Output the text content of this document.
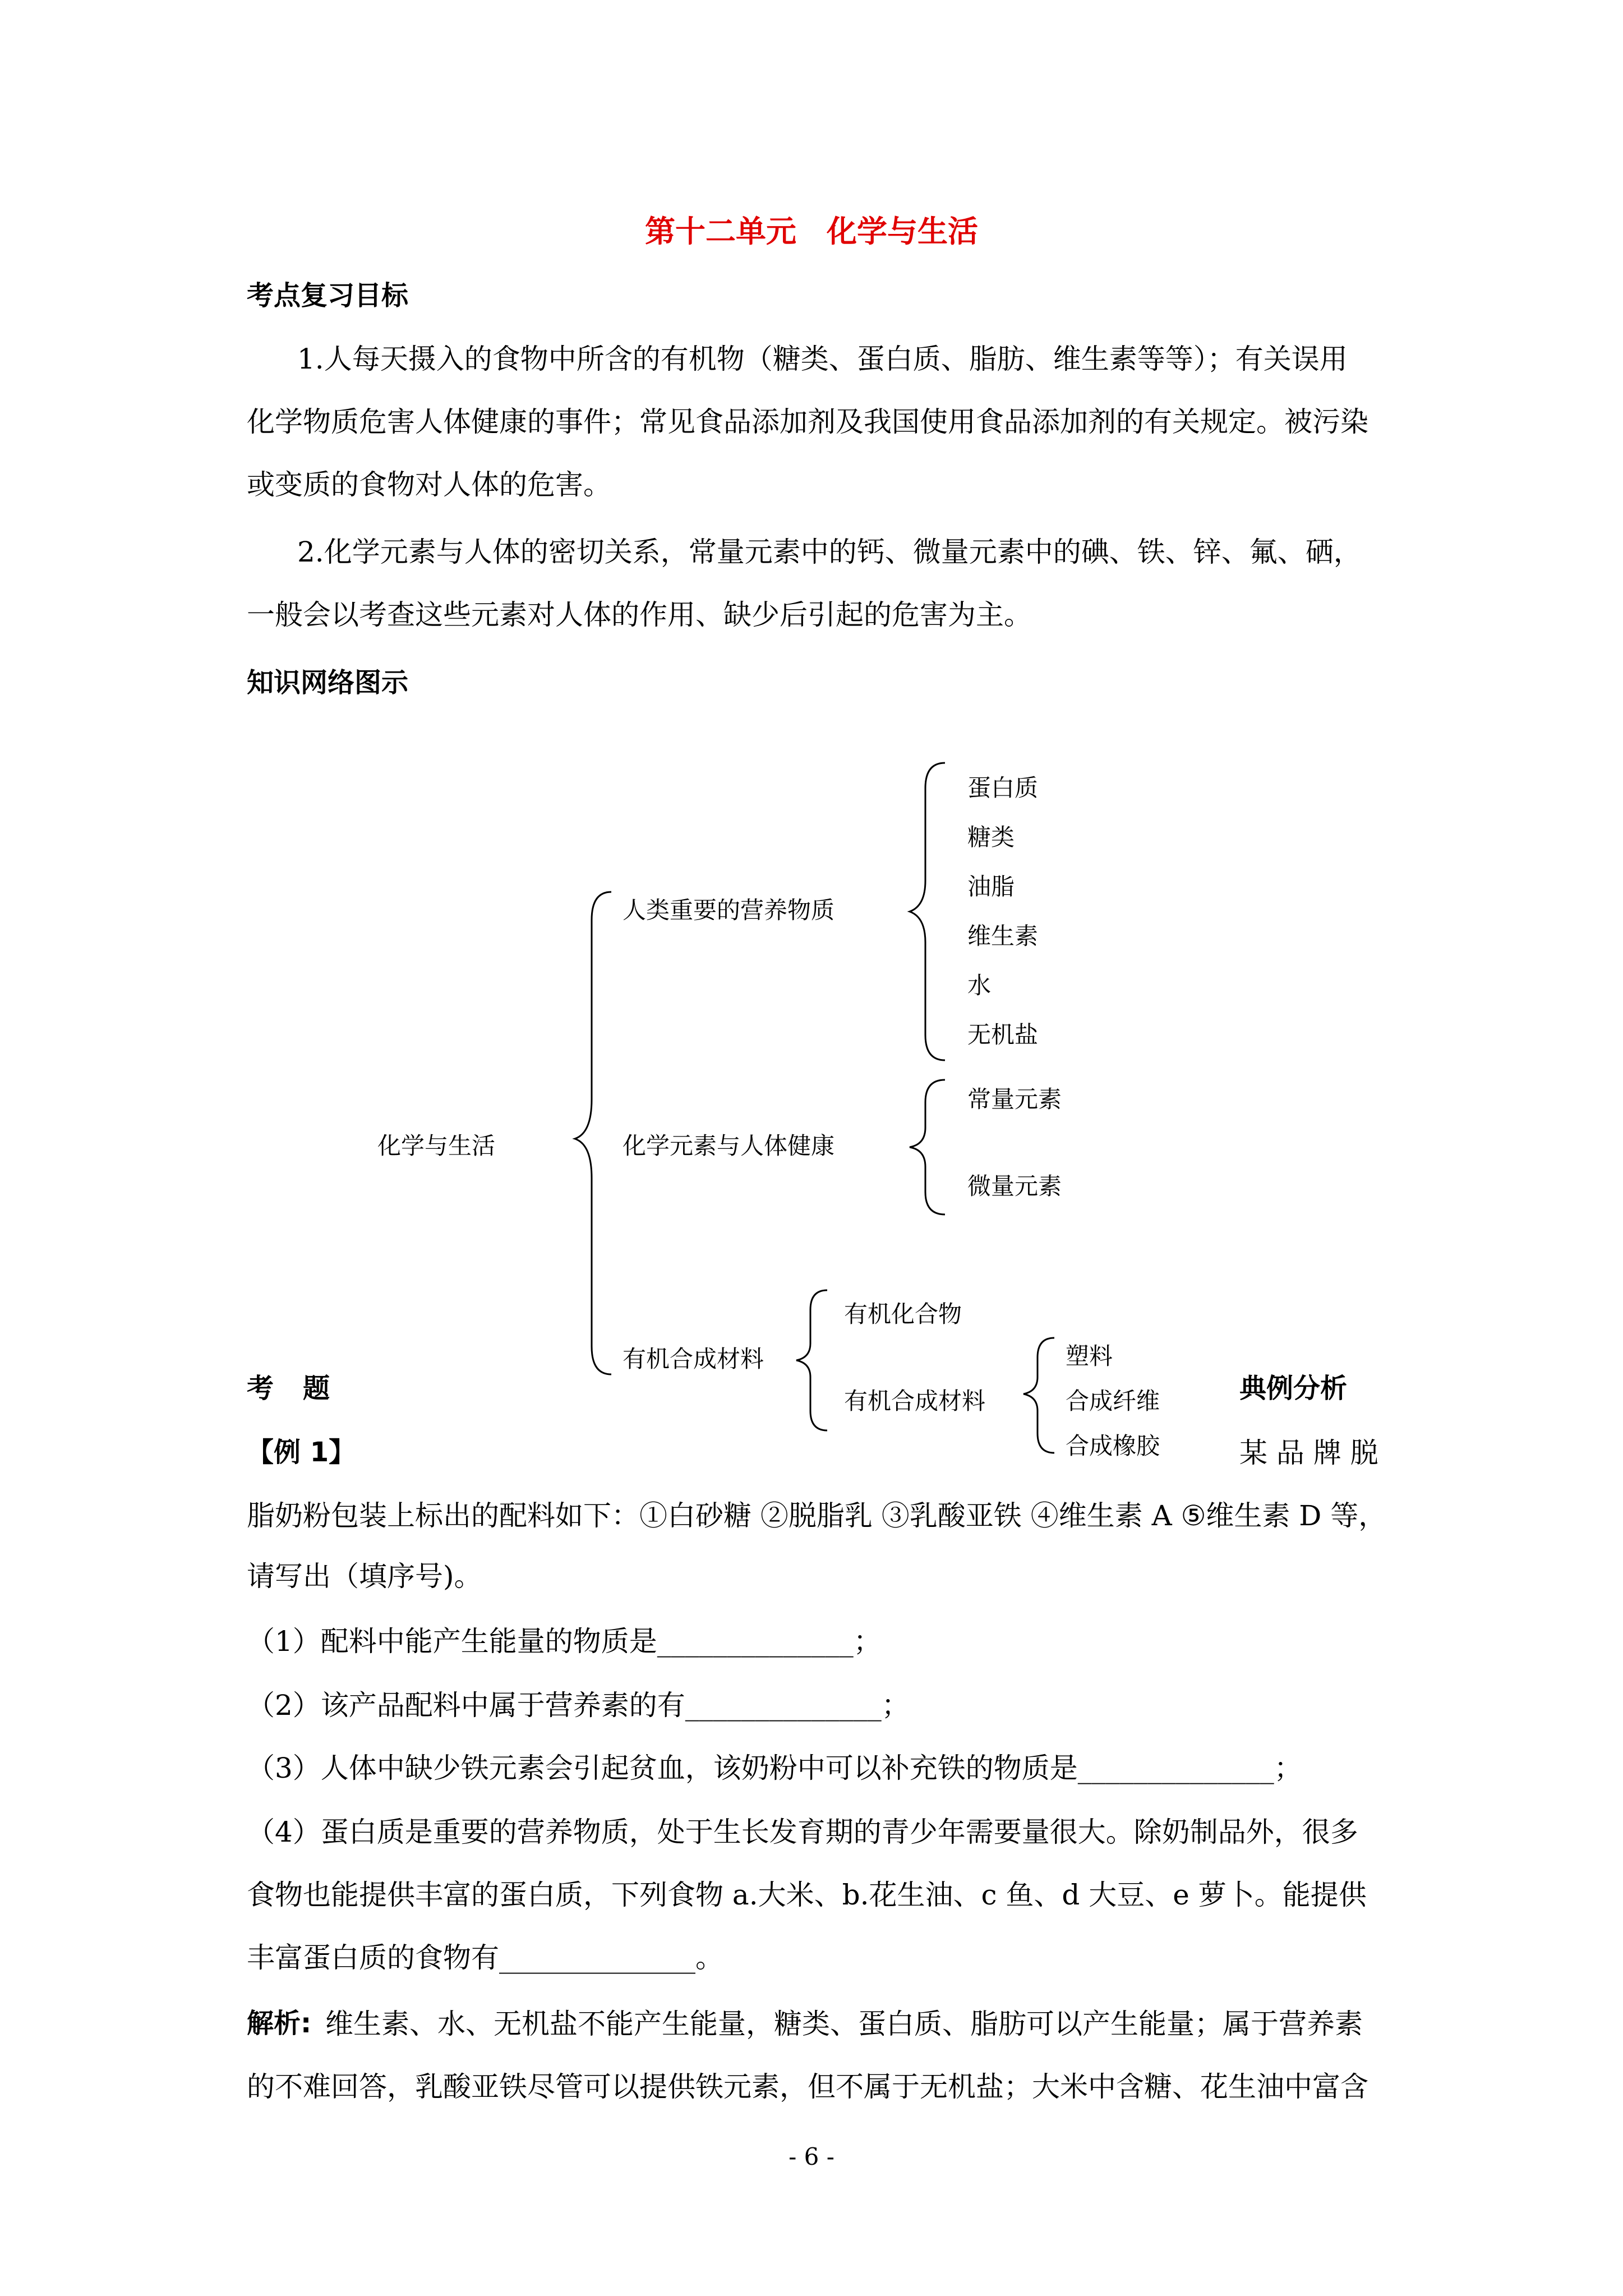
第十二单元　化学与生活
考点复习目标
1.人每天摄入的食物中所含的有机物（糖类、蛋白质、脂肪、维生素等等）；有关误用
化学物质危害人体健康的事件；常见食品添加剂及我国使用食品添加剂的有关规定。被污染
或变质的食物对人体的危害。
2.化学元素与人体的密切关系，常量元素中的钙、微量元素中的碘、铁、锌、氟、硒，
一般会以考查这些元素对人体的作用、缺少后引起的危害为主。
知识网络图示
化学与生活
人类重要的营养物质
蛋白质
糖类
油脂
维生素
水
无机盐
化学元素与人体健康
常量元素
微量元素
有机合成材料
有机化合物
有机合成材料
塑料
合成纤维
合成橡胶
考 题	典例分析
【例 1】	某 品 牌 脱
脂奶粉包装上标出的配料如下：①白砂糖 ②脱脂乳 ③乳酸亚铁 ④维生素 A ⑤维生素 D 等，
请写出（填序号)。
（1）配料中能产生能量的物质是______________；
（2）该产品配料中属于营养素的有______________；
（3）人体中缺少铁元素会引起贫血，该奶粉中可以补充铁的物质是______________；
（4）蛋白质是重要的营养物质，处于生长发育期的青少年需要量很大。除奶制品外，很多
食物也能提供丰富的蛋白质，下列食物 a.大米、b.花生油、c 鱼、d 大豆、e 萝卜。能提供
丰富蛋白质的食物有______________。
解析: 维生素、水、无机盐不能产生能量，糖类、蛋白质、脂肪可以产生能量；属于营养素
的不难回答，乳酸亚铁尽管可以提供铁元素，但不属于无机盐；大米中含糖、花生油中富含
- 6 -
